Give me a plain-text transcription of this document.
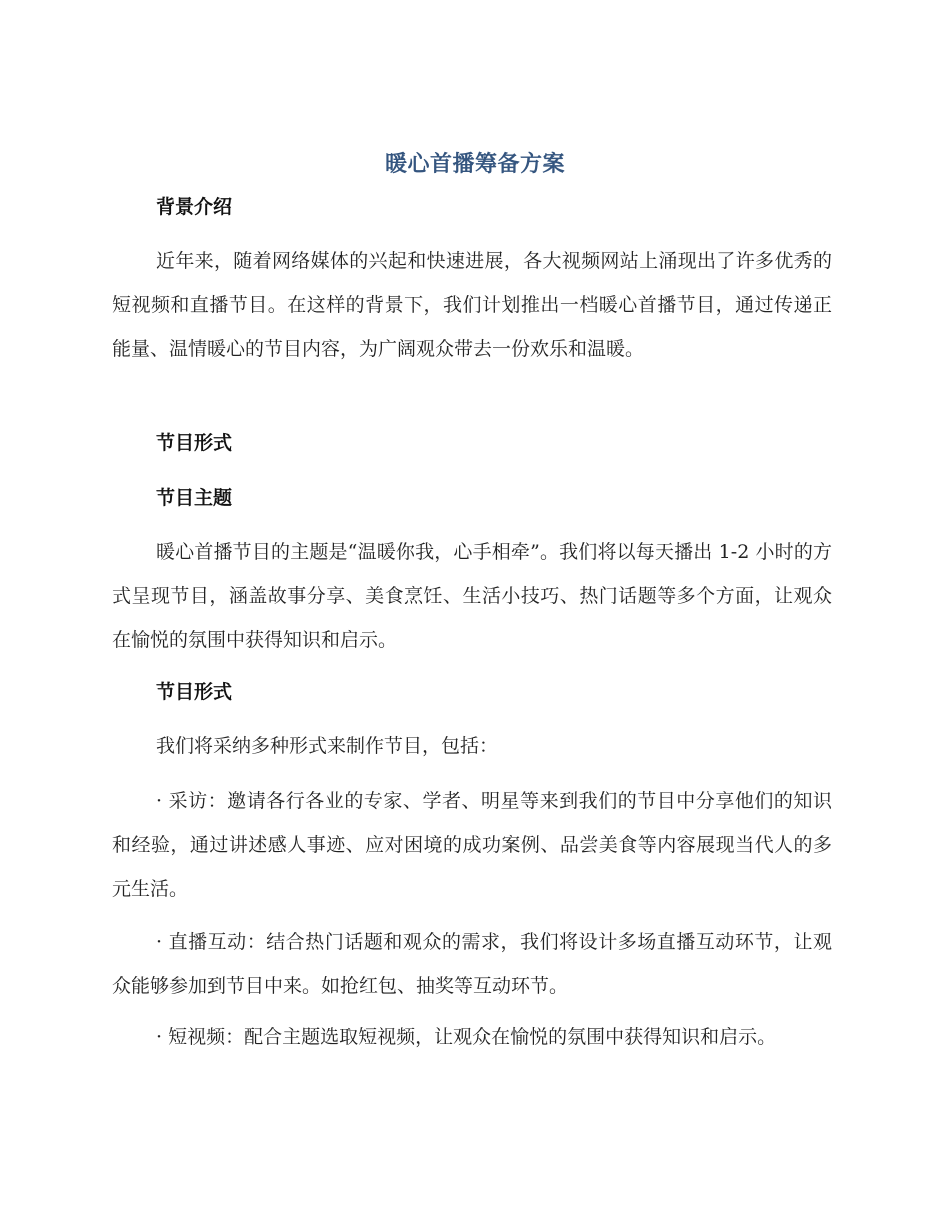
暖心首播筹备方案
背景介绍

近年来，随着网络媒体的兴起和快速进展，各大视频网站上涌现出了许多优秀的短视频和直播节目。在这样的背景下，我们计划推出一档暖心首播节目，通过传递正能量、温情暖心的节目内容，为广阔观众带去一份欢乐和温暖。

节目形式
节目主题

暖心首播节目的主题是“温暖你我，心手相牵”。我们将以每天播出 1-2 小时的方式呈现节目，涵盖故事分享、美食烹饪、生活小技巧、热门话题等多个方面，让观众在愉悦的氛围中获得知识和启示。

节目形式

我们将采纳多种形式来制作节目，包括：

· 采访：邀请各行各业的专家、学者、明星等来到我们的节目中分享他们的知识和经验，通过讲述感人事迹、应对困境的成功案例、品尝美食等内容展现当代人的多元生活。

· 直播互动：结合热门话题和观众的需求，我们将设计多场直播互动环节，让观众能够参加到节目中来。如抢红包、抽奖等互动环节。

· 短视频：配合主题选取短视频，让观众在愉悦的氛围中获得知识和启示。
